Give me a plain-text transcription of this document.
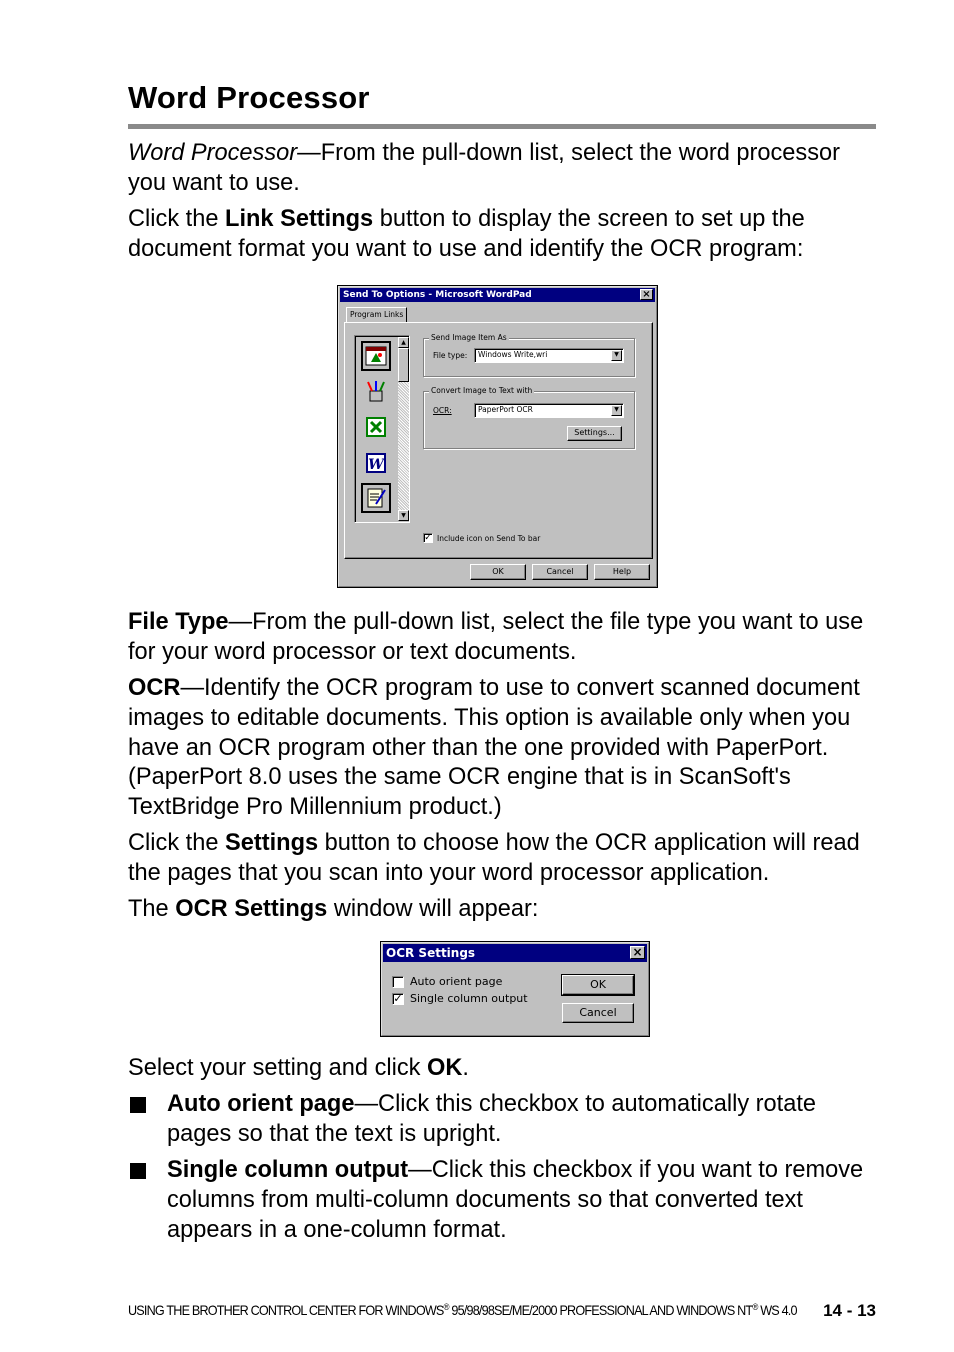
Word Processor
Word Processor—From the pull-down list, select the word processor you want to use.
Click the Link Settings button to display the screen to set up the document format you want to use and identify the OCR program:
Send To Options - Microsoft WordPad	×
Program Links
W
▲
▼
Send Image Item As
File type: Windows Write,wri	▼
Convert Image to Text with
OCR:	PaperPort OCR	▼
Settings...
✓ Include icon on Send To bar
OK	Cancel	Help
File Type—From the pull-down list, select the file type you want to use for your word processor or text documents.
OCR—Identify the OCR program to use to convert scanned document images to editable documents. This option is available only when you have an OCR program other than the one provided with PaperPort. (PaperPort 8.0 uses the same OCR engine that is in ScanSoft's TextBridge Pro Millennium product.)
Click the Settings button to choose how the OCR application will read the pages that you scan into your word processor application.
The OCR Settings window will appear:
OCR Settings	×
Auto orient page
✓ Single column output
OK
Cancel
Select your setting and click OK.
Auto orient page—Click this checkbox to automatically rotate pages so that the text is upright.
Single column output—Click this checkbox if you want to remove columns from multi-column documents so that converted text appears in a one-column format.
USING THE BROTHER CONTROL CENTER FOR WINDOWS® 95/98/98SE/ME/2000 PROFESSIONAL AND WINDOWS NT® WS 4.0	14 - 13
